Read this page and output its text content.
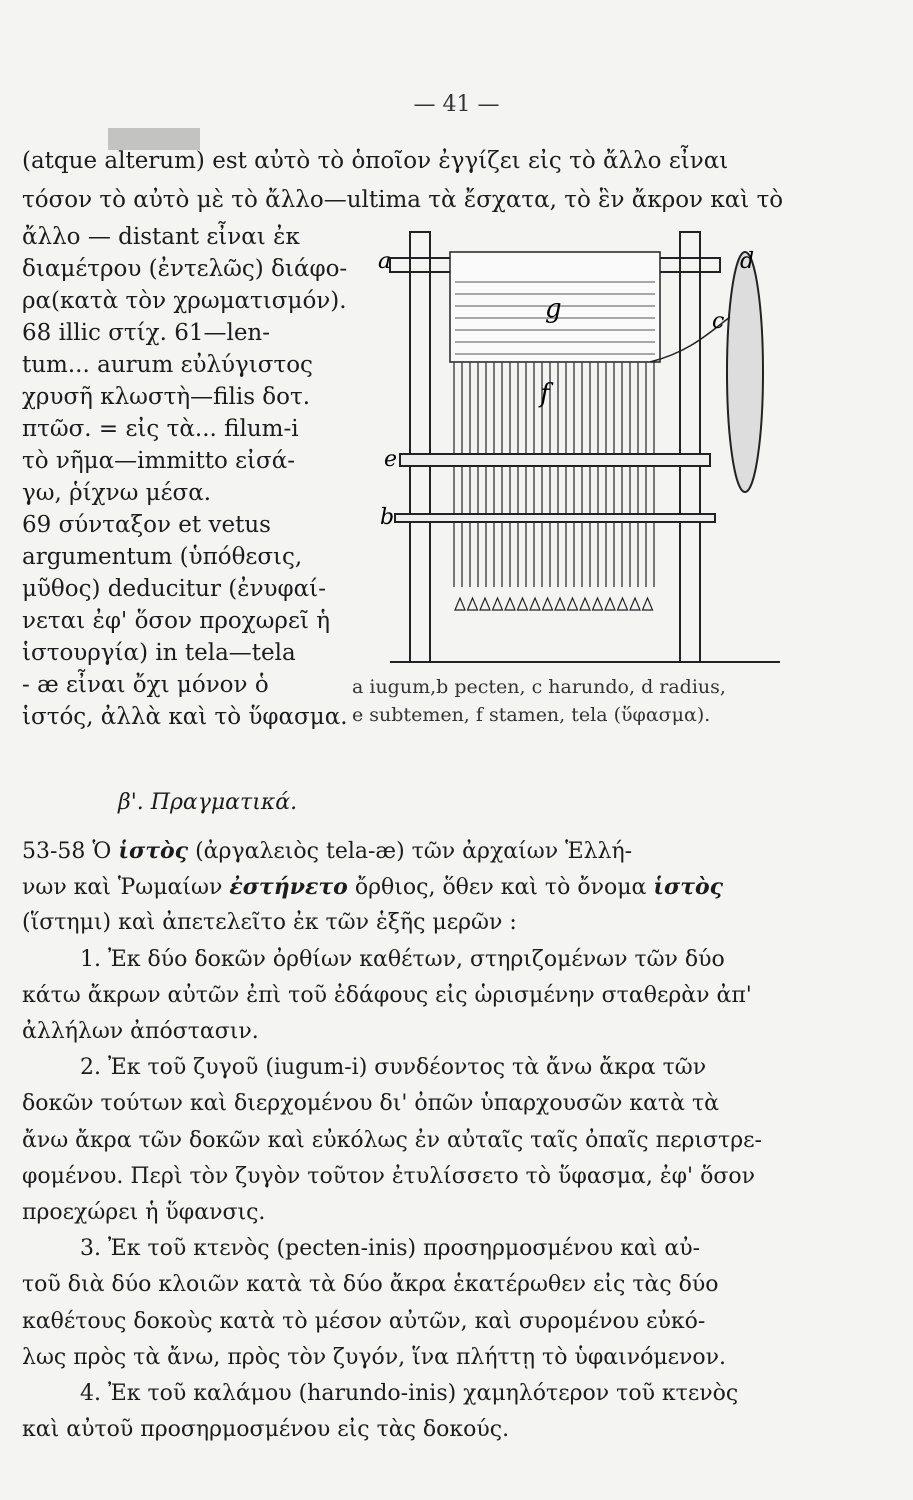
— 41 —
(atque alterum) est αὐτὸ τὸ ὁποῖον ἐγγίζει εἰς τὸ ἄλλο εἶναι
τόσον τὸ αὐτὸ μὲ τὸ ἄλλο—ultima τὰ ἔσχατα, τὸ ἓν ἄκρον καὶ τὸ
ἄλλο — distant εἶναι ἐκ
διαμέτρου (ἐντελῶς) διάφο-
ρα(κατὰ τὸν χρωματισμόν).
68 illic στίχ. 61—len-
tum... aurum εὐλύγιστος
χρυσῆ κλωστὴ—filis δοτ.
πτῶσ. = εἰς τὰ... filum-i
τὸ νῆμα—immitto εἰσά-
γω, ῥίχνω μέσα.
69 σύνταξον et vetus
argumentum (ὑπόθεσις,
μῦθος) deducitur (ἐνυφαί-
νεται ἐφ' ὅσον προχωρεῖ ἡ
ἱστουργία) in tela—tela
- æ εἶναι ὄχι μόνον ὁ
ἱστός, ἀλλὰ καὶ τὸ ὕφασμα.
a
b
c
d
e
f
g
a iugum,b pecten, c harundo, d radius,
e subtemen, f stamen, tela (ὕφασμα).
β'. Πραγματικά.
53-58 Ὁ ἱστὸς (ἀργαλειὸς tela-æ) τῶν ἀρχαίων Ἑλλή-
νων καὶ Ῥωμαίων ἐστήνετο ὄρθιος, ὅθεν καὶ τὸ ὄνομα ἱστὸς
(ἵστημι) καὶ ἀπετελεῖτο ἐκ τῶν ἑξῆς μερῶν :
1. Ἐκ δύο δοκῶν ὀρθίων καθέτων, στηριζομένων τῶν δύο
κάτω ἄκρων αὐτῶν ἐπὶ τοῦ ἐδάφους εἰς ὡρισμένην σταθερὰν ἀπ'
ἀλλήλων ἀπόστασιν.
2. Ἐκ τοῦ ζυγοῦ (iugum-i) συνδέοντος τὰ ἄνω ἄκρα τῶν
δοκῶν τούτων καὶ διερχομένου δι' ὀπῶν ὑπαρχουσῶν κατὰ τὰ
ἄνω ἄκρα τῶν δοκῶν καὶ εὐκόλως ἐν αὐταῖς ταῖς ὀπαῖς περιστρε-
φομένου. Περὶ τὸν ζυγὸν τοῦτον ἐτυλίσσετο τὸ ὕφασμα, ἐφ' ὅσον
προεχώρει ἡ ὕφανσις.
3. Ἐκ τοῦ κτενὸς (pecten-inis) προσηρμοσμένου καὶ αὐ-
τοῦ διὰ δύο κλοιῶν κατὰ τὰ δύο ἄκρα ἑκατέρωθεν εἰς τὰς δύο
καθέτους δοκοὺς κατὰ τὸ μέσον αὐτῶν, καὶ συρομένου εὐκό-
λως πρὸς τὰ ἄνω, πρὸς τὸν ζυγόν, ἵνα πλήττῃ τὸ ὑφαινόμενον.
4. Ἐκ τοῦ καλάμου (harundo-inis) χαμηλότερον τοῦ κτενὸς
καὶ αὐτοῦ προσηρμοσμένου εἰς τὰς δοκούς.
